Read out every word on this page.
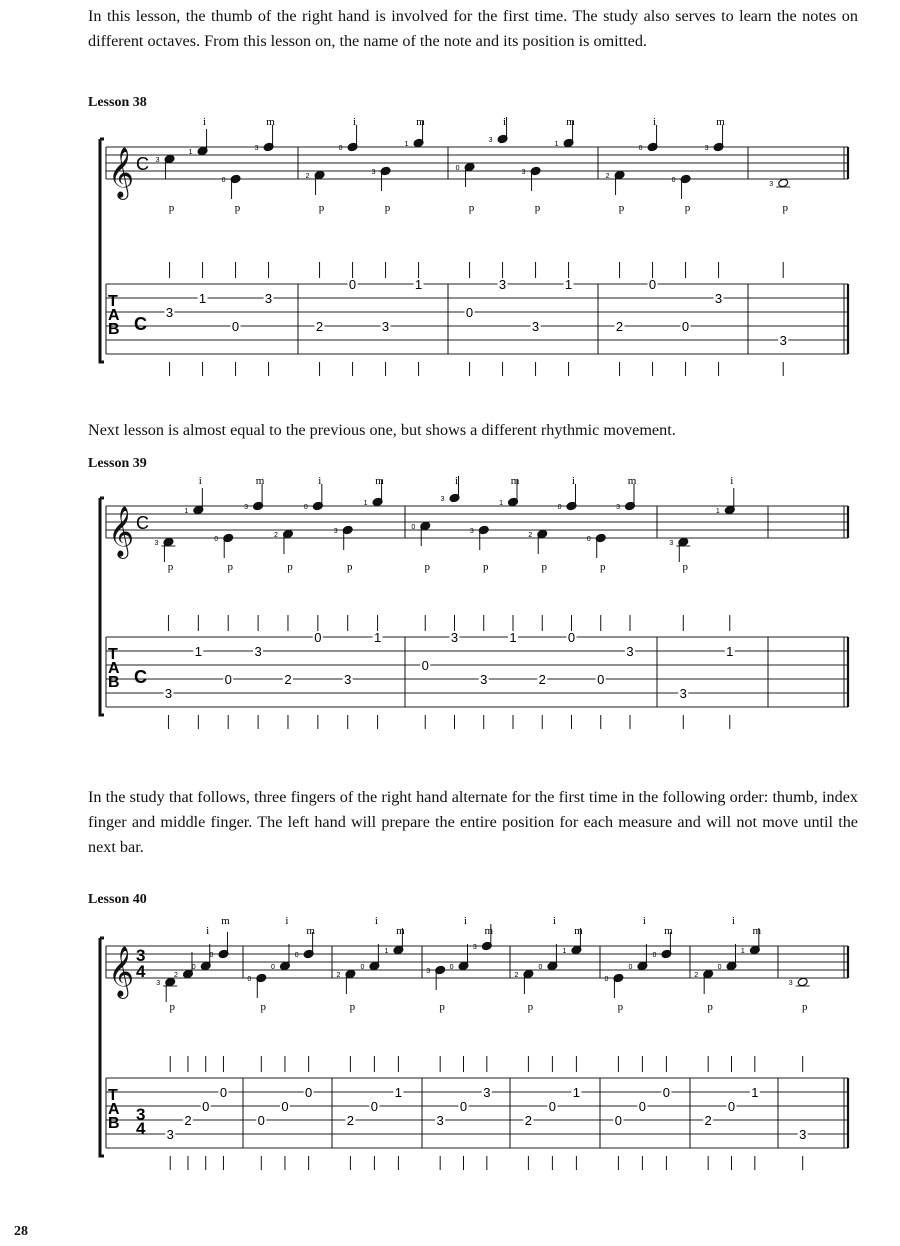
In this lesson, the thumb of the right hand is involved for the first time. The study also serves to learn the notes on different octaves. From this lesson on, the name of the note and its position is omitted.

Lesson 38

𝄞 C
C
T
A
B
3
3
p
1
1
i
0
0
p
3
3
m
2
2
p
0
0
i
3
3
p
1
1
m
0
0
p
3
3
i
3
3
p
1
1
m
2
2
p
0
0
i
0
0
p
3
3
m
3
3
p

Next lesson is almost equal to the previous one, but shows a different rhythmic movement.

Lesson 39

𝄞 C
C
T
A
B
3
3
p
1
1
i
0
0
p
3
3
m
2
2
p
0
0
i
3
3
p
1
1
m
0
0
p
3
3
i
3
3
p
1
1
m
2
2
p
0
0
i
0
0
p
3
3
m
3
3
p
1
1
i

In the study that follows, three fingers of the right hand alternate for the first time in the following order: thumb, index finger and middle finger. The left hand will prepare the entire position for each measure and will not move until the next bar.

Lesson 40

𝄞 3
4
3
4
T
A
B
3
3
p
2
2
0
0
i
0
0
m
0
0
p
0
0
i
0
0
m
2
2
p
0
0
i
1
1
m
3
3
p
0
0
i
3
3
m
2
2
p
0
0
i
1
1
m
0
0
p
0
0
i
0
0
m
2
2
p
0
0
i
1
1
m
3
3
p
28
